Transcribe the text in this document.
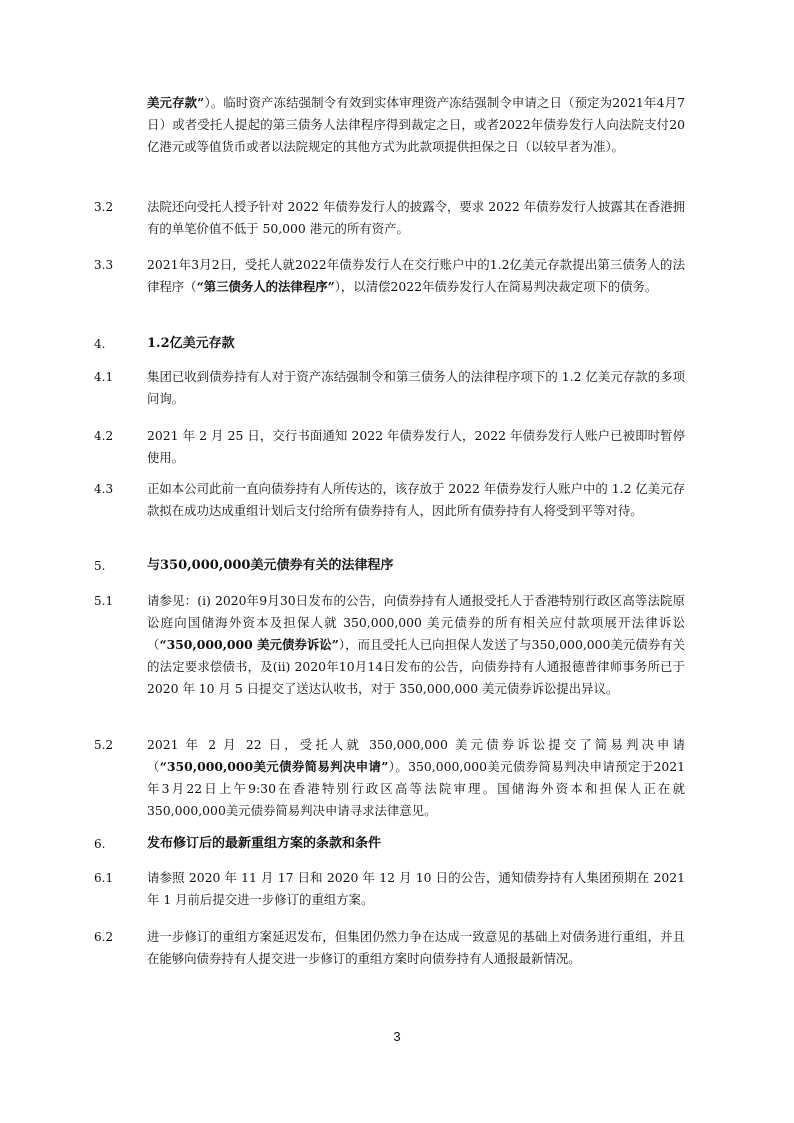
美元存款”）。临时资产冻结强制令有效到实体审理资产冻结强制令申请之日（预定为2021年4月7日）或者受托人提起的第三债务人法律程序得到裁定之日，或者2022年债券发行人向法院支付20亿港元或等值货币或者以法院规定的其他方式为此款项提供担保之日（以较早者为准）。
3.2	法院还向受托人授予针对 2022 年债券发行人的披露令，要求 2022 年债券发行人披露其在香港拥有的单笔价值不低于 50,000 港元的所有资产。
3.3	2021年3月2日，受托人就2022年债券发行人在交行账户中的1.2亿美元存款提出第三债务人的法律程序（“第三债务人的法律程序”），以清偿2022年债券发行人在简易判决裁定项下的债务。
4.	1.2亿美元存款
4.1	集团已收到债券持有人对于资产冻结强制令和第三债务人的法律程序项下的 1.2 亿美元存款的多项问询。
4.2	2021 年 2 月 25 日，交行书面通知 2022 年债券发行人，2022 年债券发行人账户已被即时暂停使用。
4.3	正如本公司此前一直向债券持有人所传达的，该存放于 2022 年债券发行人账户中的 1.2 亿美元存款拟在成功达成重组计划后支付给所有债券持有人，因此所有债券持有人将受到平等对待。
5.	与350,000,000美元债券有关的法律程序
5.1	请参见：(i) 2020年9月30日发布的公告，向债券持有人通报受托人于香港特别行政区高等法院原讼庭向国储海外资本及担保人就 350,000,000 美元债券的所有相关应付款项展开法律诉讼（“350,000,000 美元债券诉讼”），而且受托人已向担保人发送了与350,000,000美元债券有关的法定要求偿债书，及(ii) 2020年10月14日发布的公告，向债券持有人通报德普律师事务所已于 2020 年 10 月 5 日提交了送达认收书，对于 350,000,000 美元债券诉讼提出异议。
5.2	2021 年 2 月 22 日，受托人就 350,000,000 美元债券诉讼提交了简易判决申请（“350,000,000美元债券简易判决申请”）。350,000,000美元债券简易判决申请预定于2021年3月22日上午9:30在香港特别行政区高等法院审理。国储海外资本和担保人正在就350,000,000美元债券简易判决申请寻求法律意见。
6.	发布修订后的最新重组方案的条款和条件
6.1	请参照 2020 年 11 月 17 日和 2020 年 12 月 10 日的公告，通知债券持有人集团预期在 2021 年 1 月前后提交进一步修订的重组方案。
6.2	进一步修订的重组方案延迟发布，但集团仍然力争在达成一致意见的基础上对债务进行重组，并且在能够向债券持有人提交进一步修订的重组方案时向债券持有人通报最新情况。
3
